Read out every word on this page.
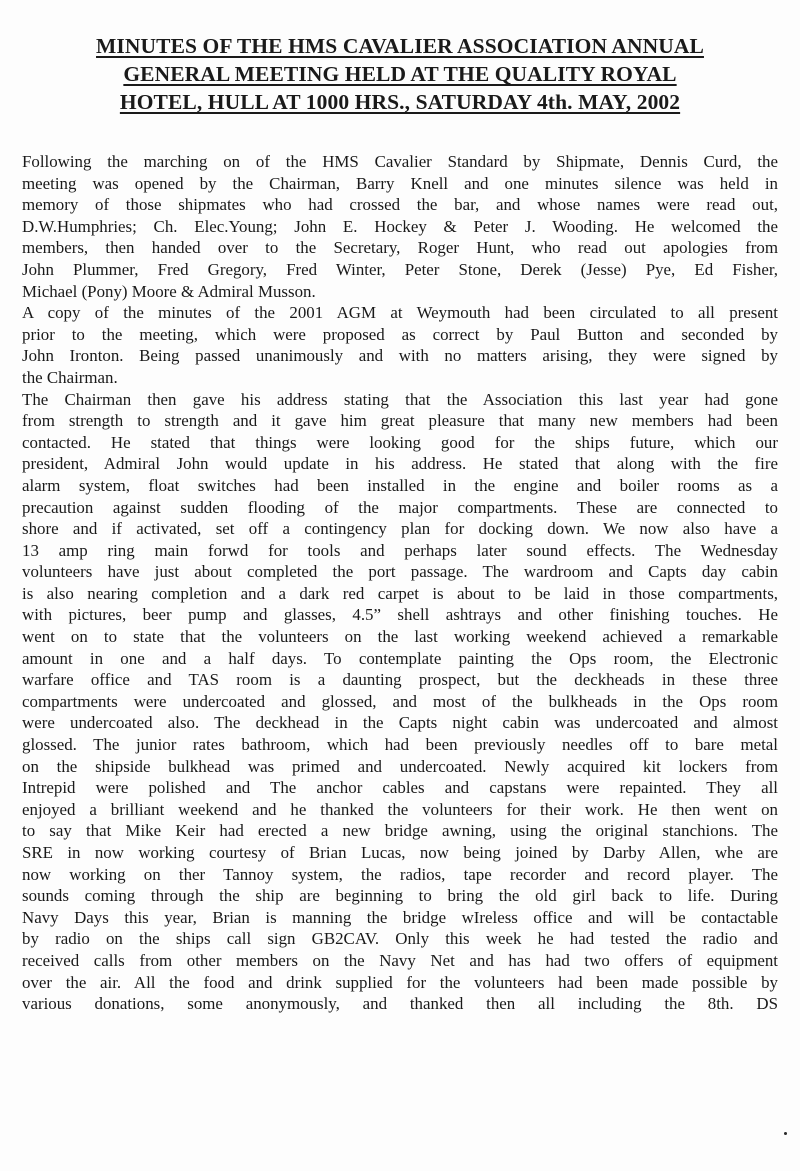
MINUTES OF THE HMS CAVALIER ASSOCIATION ANNUAL
GENERAL MEETING HELD AT THE QUALITY ROYAL
HOTEL, HULL AT 1000 HRS., SATURDAY 4th. MAY, 2002
Following the marching on of the HMS Cavalier Standard by Shipmate, Dennis Curd, the
meeting was opened by the Chairman, Barry Knell and one minutes silence was held in
memory of those shipmates who had crossed the bar, and whose names were read out,
D.W.Humphries; Ch. Elec.Young; John E. Hockey & Peter J. Wooding. He welcomed the
members, then handed over to the Secretary, Roger Hunt, who read out apologies from
John Plummer, Fred Gregory, Fred Winter, Peter Stone, Derek (Jesse) Pye, Ed Fisher,
Michael (Pony) Moore & Admiral Musson.
A copy of the minutes of the 2001 AGM at Weymouth had been circulated to all present
prior to the meeting, which were proposed as correct by Paul Button and seconded by
John Ironton. Being passed unanimously and with no matters arising, they were signed by
the Chairman.
The Chairman then gave his address stating that the Association this last year had gone
from strength to strength and it gave him great pleasure that many new members had been
contacted. He stated that things were looking good for the ships future, which our
president, Admiral John would update in his address. He stated that along with the fire
alarm system, float switches had been installed in the engine and boiler rooms as a
precaution against sudden flooding of the major compartments. These are connected to
shore and if activated, set off a contingency plan for docking down. We now also have a
13 amp ring main forwd for tools and perhaps later sound effects. The Wednesday
volunteers have just about completed the port passage. The wardroom and Capts day cabin
is also nearing completion and a dark red carpet is about to be laid in those compartments,
with pictures, beer pump and glasses, 4.5” shell ashtrays and other finishing touches. He
went on to state that the volunteers on the last working weekend achieved a remarkable
amount in one and a half days. To contemplate painting the Ops room, the Electronic
warfare office and TAS room is a daunting prospect, but the deckheads in these three
compartments were undercoated and glossed, and most of the bulkheads in the Ops room
were undercoated also. The deckhead in the Capts night cabin was undercoated and almost
glossed. The junior rates bathroom, which had been previously needles off to bare metal
on the shipside bulkhead was primed and undercoated. Newly acquired kit lockers from
Intrepid were polished and The anchor cables and capstans were repainted. They all
enjoyed a brilliant weekend and he thanked the volunteers for their work. He then went on
to say that Mike Keir had erected a new bridge awning, using the original stanchions. The
SRE in now working courtesy of Brian Lucas, now being joined by Darby Allen, whe are
now working on ther Tannoy system, the radios, tape recorder and record player. The
sounds coming through the ship are beginning to bring the old girl back to life. During
Navy Days this year, Brian is manning the bridge wIreless office and will be contactable
by radio on the ships call sign GB2CAV. Only this week he had tested the radio and
received calls from other members on the Navy Net and has had two offers of equipment
over the air. All the food and drink supplied for the volunteers had been made possible by
various donations, some anonymously, and thanked then all including the 8th. DS
